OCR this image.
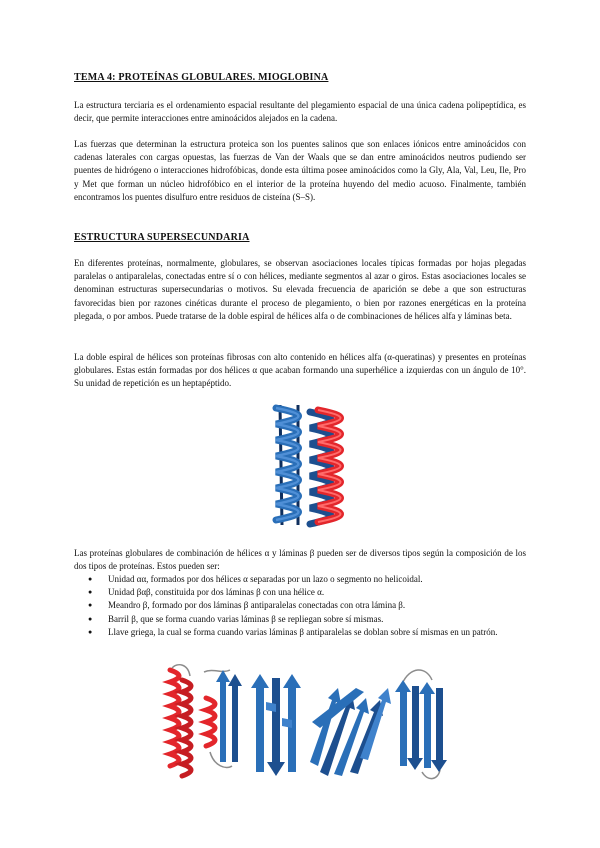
TEMA 4: PROTEÍNAS GLOBULARES. MIOGLOBINA
La estructura terciaria es el ordenamiento espacial resultante del plegamiento espacial de una única cadena polipeptídica, es decir, que permite interacciones entre aminoácidos alejados en la cadena.
Las fuerzas que determinan la estructura proteica son los puentes salinos que son enlaces iónicos entre aminoácidos con cadenas laterales con cargas opuestas, las fuerzas de Van der Waals que se dan entre aminoácidos neutros pudiendo ser puentes de hidrógeno o interacciones hidrofóbicas, donde esta última posee aminoácidos como la Gly, Ala, Val, Leu, Ile, Pro y Met que forman un núcleo hidrofóbico en el interior de la proteína huyendo del medio acuoso. Finalmente, también encontramos los puentes disulfuro entre residuos de cisteína (S–S).
ESTRUCTURA SUPERSECUNDARIA
En diferentes proteínas, normalmente, globulares, se observan asociaciones locales típicas formadas por hojas plegadas paralelas o antiparalelas, conectadas entre sí o con hélices, mediante segmentos al azar o giros. Estas asociaciones locales se denominan estructuras supersecundarias o motivos. Su elevada frecuencia de aparición se debe a que son estructuras favorecidas bien por razones cinéticas durante el proceso de plegamiento, o bien por razones energéticas en la proteína plegada, o por ambos. Puede tratarse de la doble espiral de hélices alfa o de combinaciones de hélices alfa y láminas beta.
La doble espiral de hélices son proteínas fibrosas con alto contenido en hélices alfa (α-queratinas) y presentes en proteínas globulares. Estas están formadas por dos hélices α que acaban formando una superhélice a izquierdas con un ángulo de 10°. Su unidad de repetición es un heptapéptido.
Las proteínas globulares de combinación de hélices α y láminas β pueden ser de diversos tipos según la composición de los dos tipos de proteínas. Estos pueden ser:
● Unidad αα, formados por dos hélices α separadas por un lazo o segmento no helicoidal.
● Unidad βαβ, constituida por dos láminas β con una hélice α.
● Meandro β, formado por dos láminas β antiparalelas conectadas con otra lámina β.
● Barril β, que se forma cuando varias láminas β se repliegan sobre sí mismas.
● Llave griega, la cual se forma cuando varias láminas β antiparalelas se doblan sobre sí mismas en un patrón.
